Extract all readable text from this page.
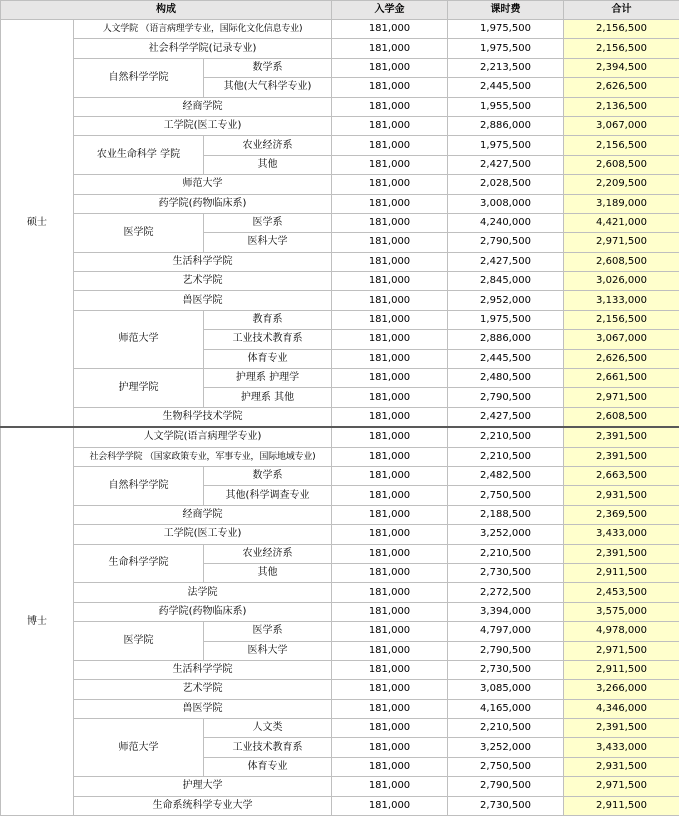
构成			入学金	课时费	合计
硕士	人文学院 （语言病理学专业，国际化文化信息专业)		181,000	1,975,500	2,156,500
	社会科学学院(记录专业)		181,000	1,975,500	2,156,500
	自然科学学院	数学系	181,000	2,213,500	2,394,500
		其他(大气科学专业)	181,000	2,445,500	2,626,500
	经商学院		181,000	1,955,500	2,136,500
	工学院(医工专业)		181,000	2,886,000	3,067,000
	农业生命科学 学院	农业经济系	181,000	1,975,500	2,156,500
		其他	181,000	2,427,500	2,608,500
	师范大学		181,000	2,028,500	2,209,500
	药学院(药物临床系)		181,000	3,008,000	3,189,000
	医学院	医学系	181,000	4,240,000	4,421,000
		医科大学	181,000	2,790,500	2,971,500
	生活科学学院		181,000	2,427,500	2,608,500
	艺术学院		181,000	2,845,000	3,026,000
	兽医学院		181,000	2,952,000	3,133,000
	师范大学	教育系	181,000	1,975,500	2,156,500
		工业技术教育系	181,000	2,886,000	3,067,000
		体育专业	181,000	2,445,500	2,626,500
	护理学院	护理系 护理学	181,000	2,480,500	2,661,500
		护理系 其他	181,000	2,790,500	2,971,500
	生物科学技术学院		181,000	2,427,500	2,608,500
博士	人文学院(语言病理学专业)		181,000	2,210,500	2,391,500
	社会科学学院 （国家政策专业，军事专业，国际地域专业)		181,000	2,210,500	2,391,500
	自然科学学院	数学系	181,000	2,482,500	2,663,500
		其他(科学调查专业	181,000	2,750,500	2,931,500
	经商学院		181,000	2,188,500	2,369,500
	工学院(医工专业)		181,000	3,252,000	3,433,000
	生命科学学院	农业经济系	181,000	2,210,500	2,391,500
		其他	181,000	2,730,500	2,911,500
	法学院		181,000	2,272,500	2,453,500
	药学院(药物临床系)		181,000	3,394,000	3,575,000
	医学院	医学系	181,000	4,797,000	4,978,000
		医科大学	181,000	2,790,500	2,971,500
	生活科学学院		181,000	2,730,500	2,911,500
	艺术学院		181,000	3,085,000	3,266,000
	兽医学院		181,000	4,165,000	4,346,000
	师范大学	人文类	181,000	2,210,500	2,391,500
		工业技术教育系	181,000	3,252,000	3,433,000
		体育专业	181,000	2,750,500	2,931,500
	护理大学		181,000	2,790,500	2,971,500
	生命系统科学专业大学		181,000	2,730,500	2,911,500
